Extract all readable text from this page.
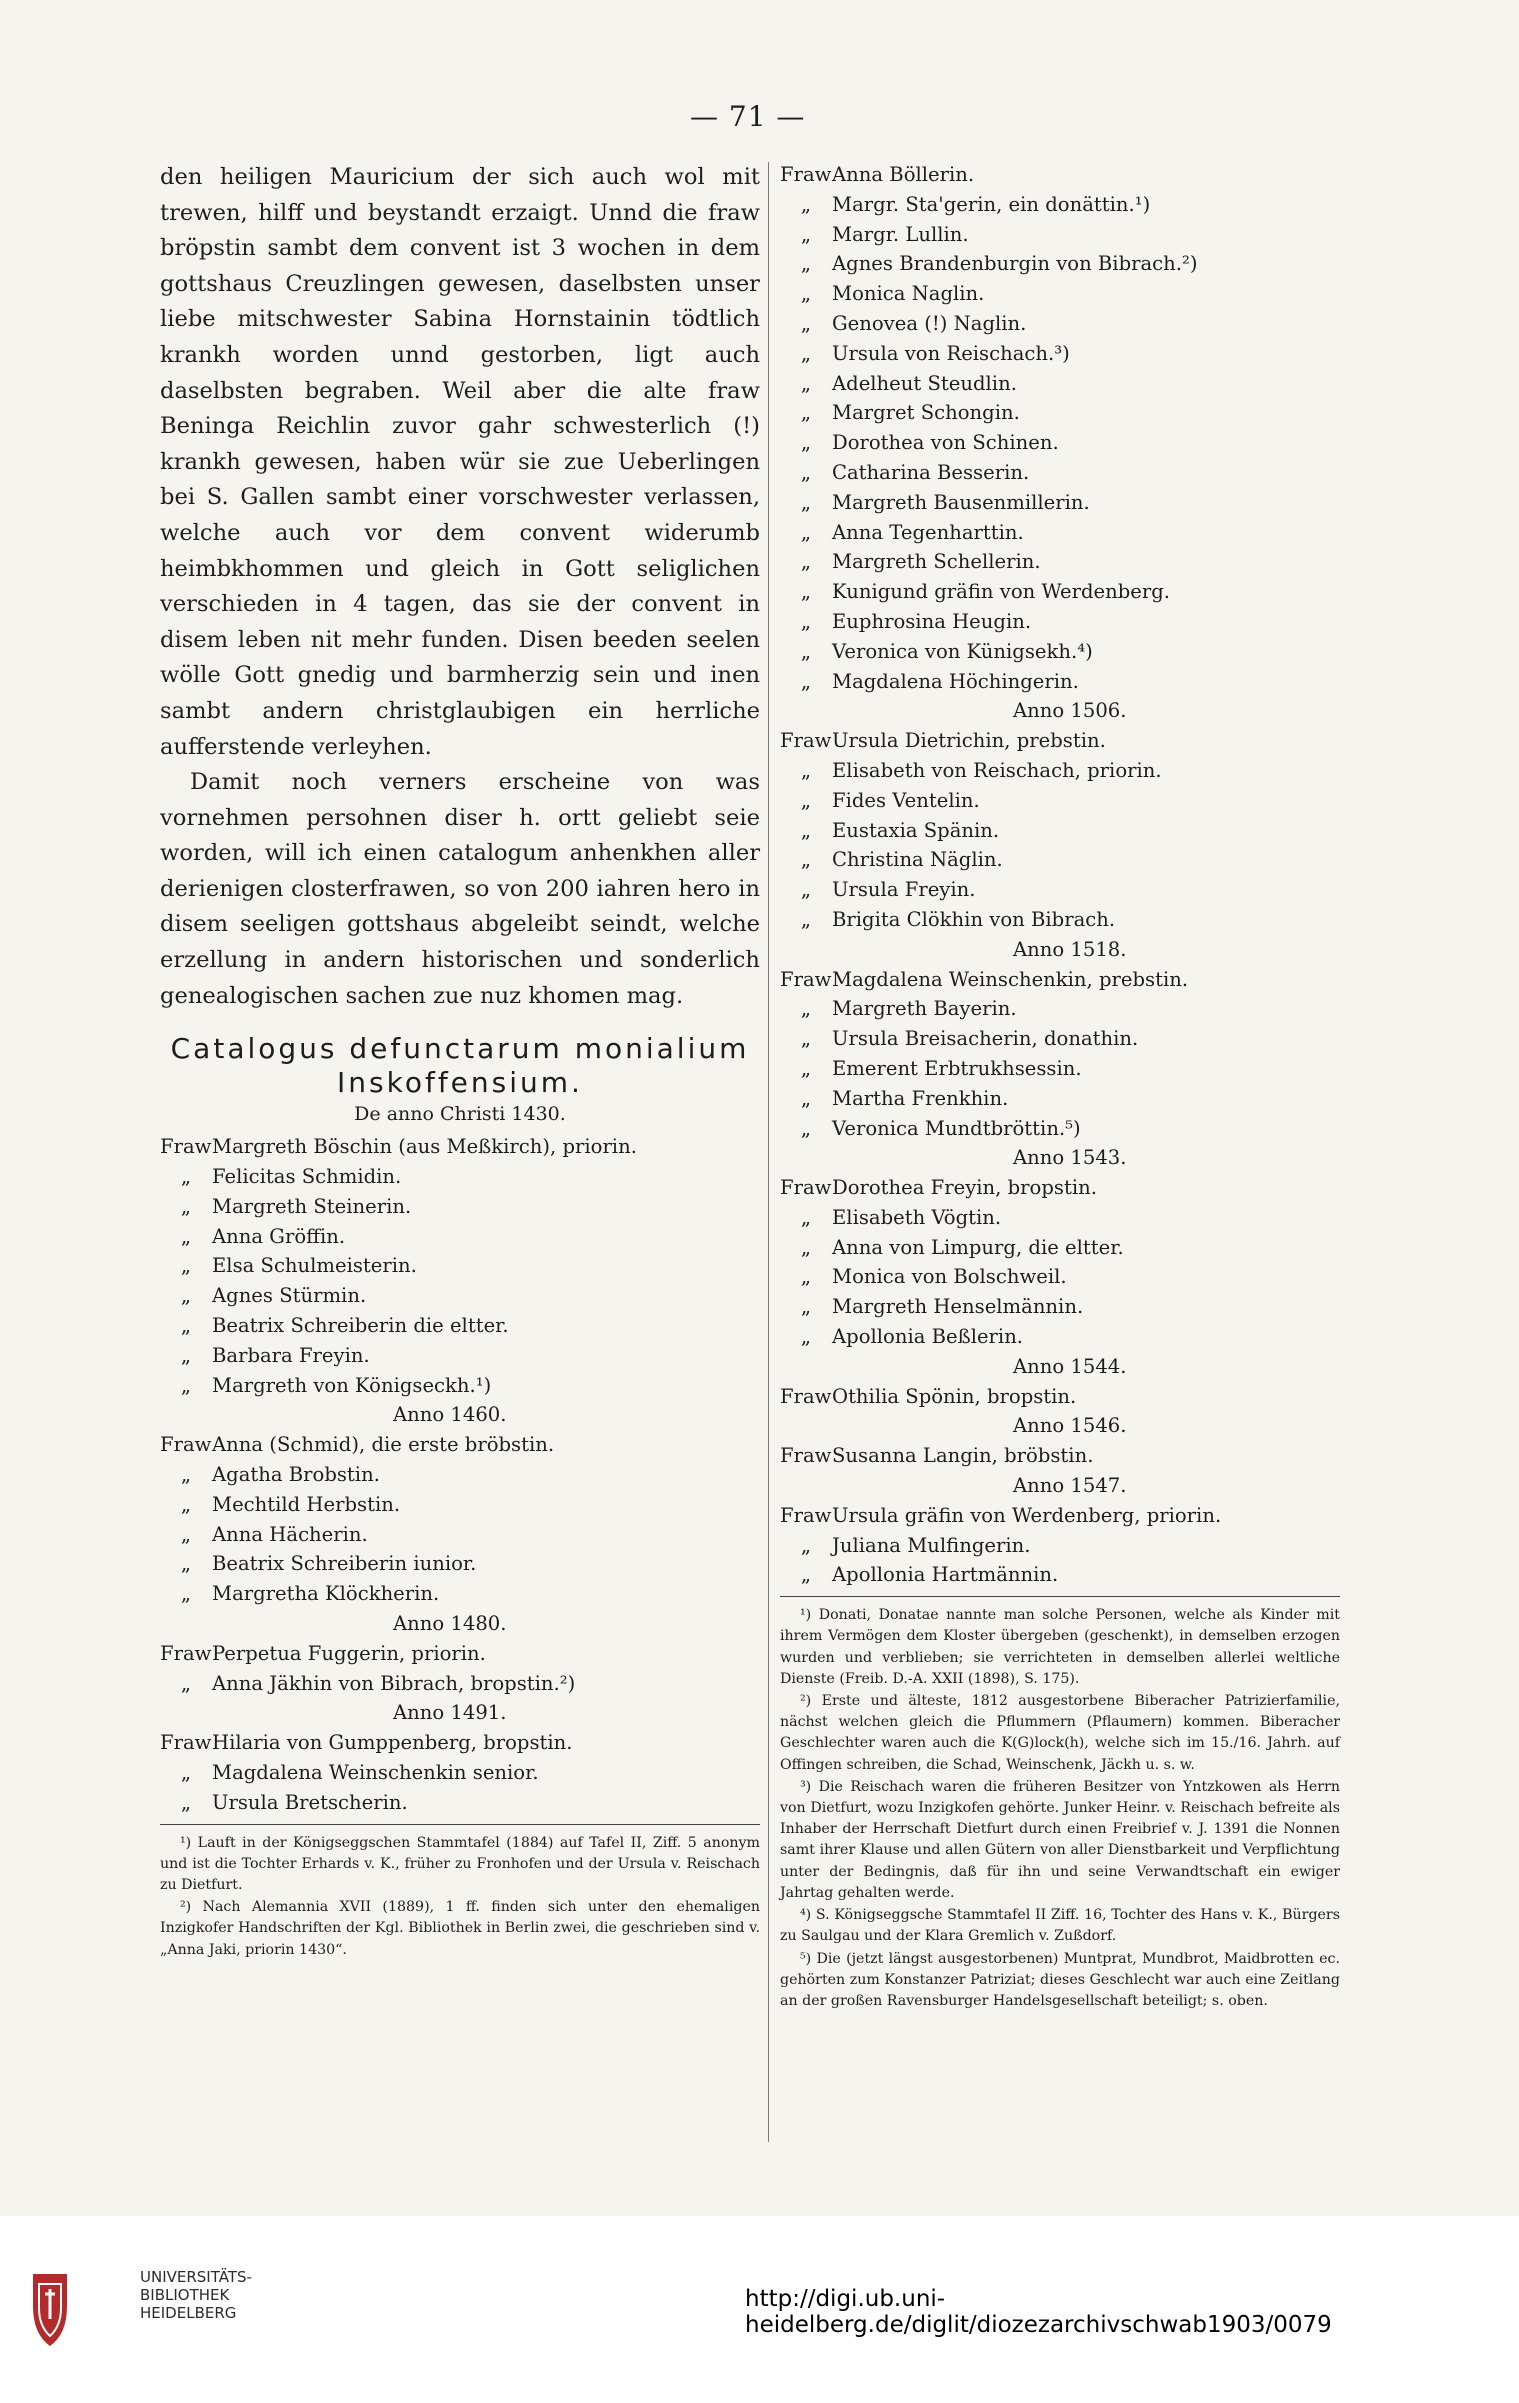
— 71 —

den heiligen Mauricium der sich auch wol mit trewen, hilff und beystandt erzaigt. Unnd die fraw bröpstin sambt dem convent ist 3 wochen in dem gottshaus Creuzlingen gewesen, daselbsten unser liebe mitschwester Sabina Hornstainin tödtlich krankh worden unnd gestorben, ligt auch daselbsten begraben. Weil aber die alte fraw Beninga Reichlin zuvor gahr schwesterlich (!) krankh gewesen, haben wür sie zue Ueberlingen bei S. Gallen sambt einer vorschwester verlassen, welche auch vor dem convent widerumb heimbkhommen und gleich in Gott seliglichen verschieden in 4 tagen, das sie der convent in disem leben nit mehr funden. Disen beeden seelen wölle Gott gnedig und barmherzig sein und inen sambt andern christglaubigen ein herrliche aufferstende verleyhen.

Damit noch verners erscheine von was vornehmen persohnen diser h. ortt geliebt seie worden, will ich einen catalogum anhenkhen aller derienigen closterfrawen, so von 200 iahren hero in disem seeligen gottshaus abgeleibt seindt, welche erzellung in andern historischen und sonderlich genealogischen sachen zue nuz khomen mag.

Catalogus defunctarum monialium Inskoffensium.
De anno Christi 1430.
FrawMargreth Böschin (aus Meßkirch), priorin.
„ Felicitas Schmidin.
„ Margreth Steinerin.
„ Anna Gröffin.
„ Elsa Schulmeisterin.
„ Agnes Stürmin.
„ Beatrix Schreiberin die eltter.
„ Barbara Freyin.
„ Margreth von Königseckh.¹)
Anno 1460.
FrawAnna (Schmid), die erste bröbstin.
„ Agatha Brobstin.
„ Mechtild Herbstin.
„ Anna Hächerin.
„ Beatrix Schreiberin iunior.
„ Margretha Klöckherin.
Anno 1480.
FrawPerpetua Fuggerin, priorin.
„ Anna Jäkhin von Bibrach, bropstin.²)
Anno 1491.
FrawHilaria von Gumppenberg, bropstin.
„ Magdalena Weinschenkin senior.
„ Ursula Bretscherin.

¹) Lauft in der Königseggschen Stammtafel (1884) auf Tafel II, Ziff. 5 anonym und ist die Tochter Erhards v. K., früher zu Fronhofen und der Ursula v. Reischach zu Dietfurt.

²) Nach Alemannia XVII (1889), 1 ff. finden sich unter den ehemaligen Inzigkofer Handschriften der Kgl. Bibliothek in Berlin zwei, die geschrieben sind v. „Anna Jaki, priorin 1430“.

FrawAnna Böllerin.
„ Margr. Sta'gerin, ein donättin.¹)
„ Margr. Lullin.
„ Agnes Brandenburgin von Bibrach.²)
„ Monica Naglin.
„ Genovea (!) Naglin.
„ Ursula von Reischach.³)
„ Adelheut Steudlin.
„ Margret Schongin.
„ Dorothea von Schinen.
„ Catharina Besserin.
„ Margreth Bausenmillerin.
„ Anna Tegenharttin.
„ Margreth Schellerin.
„ Kunigund gräfin von Werdenberg.
„ Euphrosina Heugin.
„ Veronica von Künigsekh.⁴)
„ Magdalena Höchingerin.
Anno 1506.
FrawUrsula Dietrichin, prebstin.
„ Elisabeth von Reischach, priorin.
„ Fides Ventelin.
„ Eustaxia Spänin.
„ Christina Näglin.
„ Ursula Freyin.
„ Brigita Clökhin von Bibrach.
Anno 1518.
FrawMagdalena Weinschenkin, prebstin.
„ Margreth Bayerin.
„ Ursula Breisacherin, donathin.
„ Emerent Erbtrukhsessin.
„ Martha Frenkhin.
„ Veronica Mundtbröttin.⁵)
Anno 1543.
FrawDorothea Freyin, bropstin.
„ Elisabeth Vögtin.
„ Anna von Limpurg, die eltter.
„ Monica von Bolschweil.
„ Margreth Henselmännin.
„ Apollonia Beßlerin.
Anno 1544.
FrawOthilia Spönin, bropstin.
Anno 1546.
FrawSusanna Langin, bröbstin.
Anno 1547.
FrawUrsula gräfin von Werdenberg, priorin.
„ Juliana Mulfingerin.
„ Apollonia Hartmännin.

¹) Donati, Donatae nannte man solche Personen, welche als Kinder mit ihrem Vermögen dem Kloster übergeben (geschenkt), in demselben erzogen wurden und verblieben; sie verrichteten in demselben allerlei weltliche Dienste (Freib. D.-A. XXII (1898), S. 175).

²) Erste und älteste, 1812 ausgestorbene Biberacher Patrizierfamilie, nächst welchen gleich die Pflummern (Pflaumern) kommen. Biberacher Geschlechter waren auch die K(G)lock(h), welche sich im 15./16. Jahrh. auf Offingen schreiben, die Schad, Weinschenk, Jäckh u. s. w.

³) Die Reischach waren die früheren Besitzer von Yntzkowen als Herrn von Dietfurt, wozu Inzigkofen gehörte. Junker Heinr. v. Reischach befreite als Inhaber der Herrschaft Dietfurt durch einen Freibrief v. J. 1391 die Nonnen samt ihrer Klause und allen Gütern von aller Dienstbarkeit und Verpflichtung unter der Bedingnis, daß für ihn und seine Verwandtschaft ein ewiger Jahrtag gehalten werde.

⁴) S. Königseggsche Stammtafel II Ziff. 16, Tochter des Hans v. K., Bürgers zu Saulgau und der Klara Gremlich v. Zußdorf.

⁵) Die (jetzt längst ausgestorbenen) Muntprat, Mundbrot, Maidbrotten ec. gehörten zum Konstanzer Patriziat; dieses Geschlecht war auch eine Zeitlang an der großen Ravensburger Handelsgesellschaft beteiligt; s. oben.

UNIVERSITÄTS-
BIBLIOTHEK
HEIDELBERG
http://digi.ub.uni-heidelberg.de/diglit/diozezarchivschwab1903/0079
